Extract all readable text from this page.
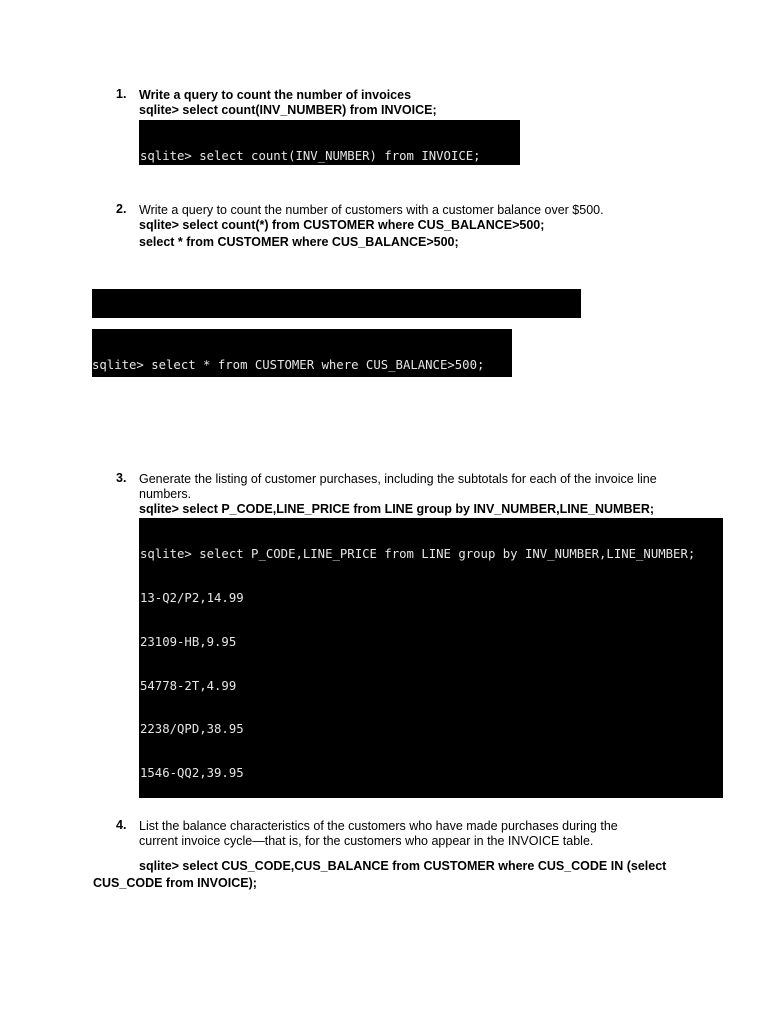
1. Write a query to count the number of invoices
sqlite> select count(INV_NUMBER) from INVOICE;

sqlite> select count(INV_NUMBER) from INVOICE;

2. Write a query to count the number of customers with a customer balance over $500.
sqlite> select count(*) from CUSTOMER where CUS_BALANCE>500;
select * from CUSTOMER where CUS_BALANCE>500;

sqlite> select * from CUSTOMER where CUS_BALANCE>500;

3. Generate the listing of customer purchases, including the subtotals for each of the invoice line
numbers.
sqlite> select P_CODE,LINE_PRICE from LINE group by INV_NUMBER,LINE_NUMBER;

sqlite> select P_CODE,LINE_PRICE from LINE group by INV_NUMBER,LINE_NUMBER;

13-Q2/P2,14.99

23109-HB,9.95

54778-2T,4.99

2238/QPD,38.95

1546-QQ2,39.95

4. List the balance characteristics of the customers who have made purchases during the
current invoice cycle—that is, for the customers who appear in the INVOICE table.
sqlite> select CUS_CODE,CUS_BALANCE from CUSTOMER where CUS_CODE IN (select
CUS_CODE from INVOICE);
